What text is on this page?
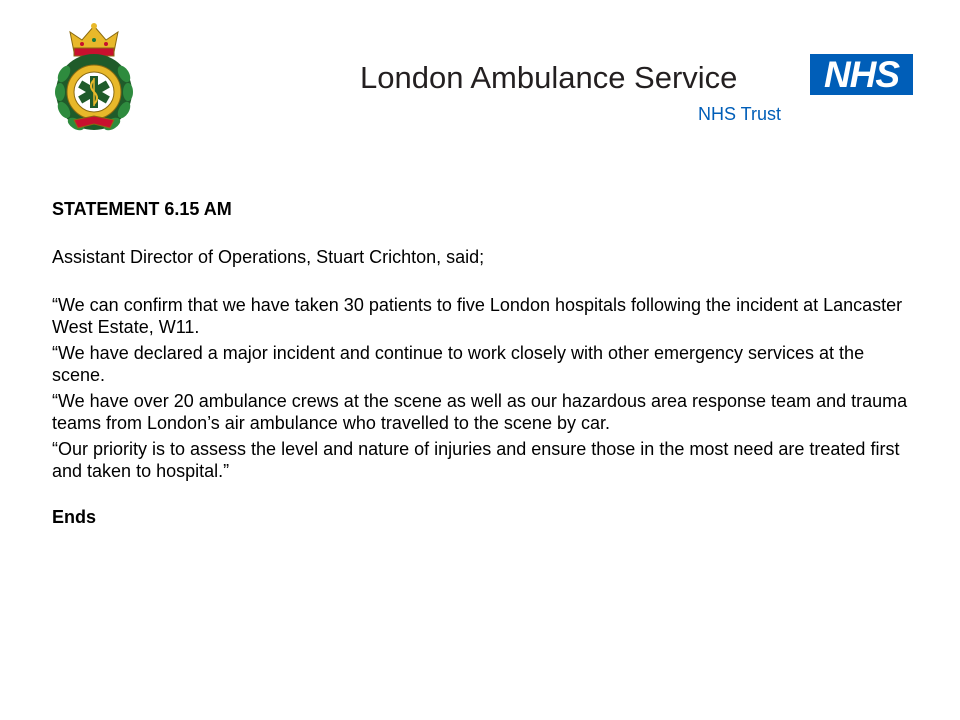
London Ambulance Service	NHS
NHS Trust

STATEMENT 6.15 AM

Assistant Director of Operations, Stuart Crichton, said;

“We can confirm that we have taken 30 patients to five London hospitals following the incident at Lancaster West Estate, W11.

“We have declared a major incident and continue to work closely with other emergency services at the scene.

“We have over 20 ambulance crews at the scene as well as our hazardous area response team and trauma teams from London’s air ambulance who travelled to the scene by car.

“Our priority is to assess the level and nature of injuries and ensure those in the most need are treated first and taken to hospital.”

Ends
